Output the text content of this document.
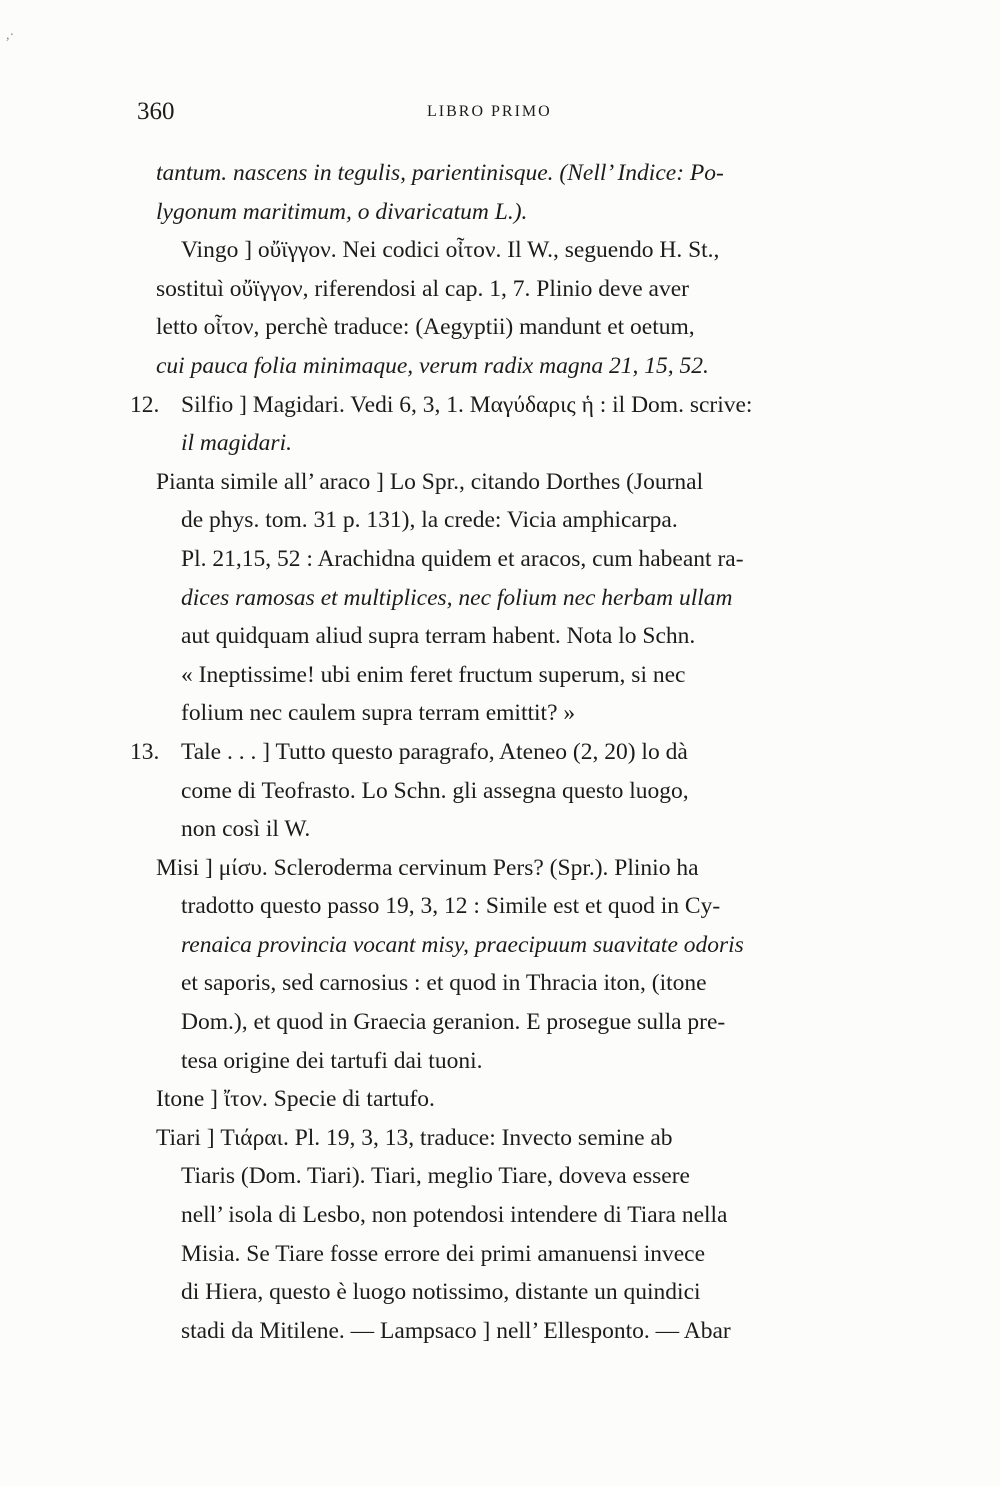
,·
360	LIBRO PRIMO
tantum. nascens in tegulis, parientinisque. (Nell’ Indice: Po-
lygonum maritimum, o divaricatum L.).
Vingo ] οὔϊγγον. Nei codici οἶτον. Il W., seguendo H. St.,
sostituì οὔϊγγον, riferendosi al cap. 1, 7. Plinio deve aver
letto οἶτον, perchè traduce: (Aegyptii) mandunt et oetum,
cui pauca folia minimaque, verum radix magna 21, 15, 52.
12. Silfio ] Magidari. Vedi 6, 3, 1. Μαγύδαρις ἡ : il Dom. scrive:
il magidari.
Pianta simile all’ araco ] Lo Spr., citando Dorthes (Journal
de phys. tom. 31 p. 131), la crede: Vicia amphicarpa.
Pl. 21,15, 52 : Arachidna quidem et aracos, cum habeant ra-
dices ramosas et multiplices, nec folium nec herbam ullam
aut quidquam aliud supra terram habent. Nota lo Schn.
« Ineptissime! ubi enim feret fructum superum, si nec
folium nec caulem supra terram emittit? »
13. Tale . . . ] Tutto questo paragrafo, Ateneo (2, 20) lo dà
come di Teofrasto. Lo Schn. gli assegna questo luogo,
non così il W.
Misi ] μίσυ. Scleroderma cervinum Pers? (Spr.). Plinio ha
tradotto questo passo 19, 3, 12 : Simile est et quod in Cy-
renaica provincia vocant misy, praecipuum suavitate odoris
et saporis, sed carnosius : et quod in Thracia iton, (itone
Dom.), et quod in Graecia geranion. E prosegue sulla pre-
tesa origine dei tartufi dai tuoni.
Itone ] ἴτον. Specie di tartufo.
Tiari ] Τιάραι. Pl. 19, 3, 13, traduce: Invecto semine ab
Tiaris (Dom. Tiari). Tiari, meglio Tiare, doveva essere
nell’ isola di Lesbo, non potendosi intendere di Tiara nella
Misia. Se Tiare fosse errore dei primi amanuensi invece
di Hiera, questo è luogo notissimo, distante un quindici
stadi da Mitilene. — Lampsaco ] nell’ Ellesponto. — Abar
